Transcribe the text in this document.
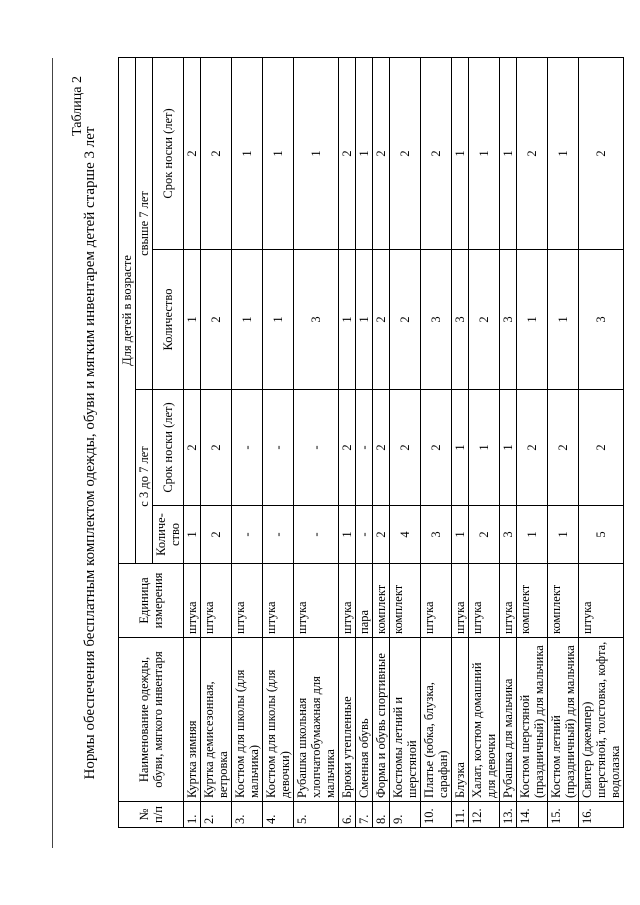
Таблица 2
Нормы обеспечения бесплатным комплектом одежды, обуви и мягким инвентарем детей старше 3 лет
№ п/п	Наименование одежды, обуви, мягкого инвентаря	Единица измерения	Для детей в возрасте			
			с 3 до 7 лет		свыше 7 лет	
			Количе-ство	Срок носки (лет)	Количество	Срок носки (лет)
1.	Куртка зимняя	штука	1	2	1	2
2.	Куртка демисезонная, ветровка	штука	2	2	2	2
3.	Костюм для школы (для мальчика)	штука	-	-	1	1
4.	Костюм для школы (для девочки)	штука	-	-	1	1
5.	Рубашка школьная хлопчатобумажная для мальчика	штука	-	-	3	1
6.	Брюки утепленные	штука	1	2	1	2
7.	Сменная обувь	пара	-	-	1	1
8.	Форма и обувь спортивные	комплект	2	2	2	2
9.	Костюмы летний и шерстяной	комплект	4	2	2	2
10.	Платье (юбка, блузка, сарафан)	штука	3	2	3	2
11.	Блузка	штука	1	1	3	1
12.	Халат, костюм домашний для девочки	штука	2	1	2	1
13.	Рубашка для мальчика	штука	3	1	3	1
14.	Костюм шерстяной (праздничный) для мальчика	комплект	1	2	1	2
15.	Костюм летний (праздничный) для мальчика	комплект	1	2	1	1
16.	Свитер (джемпер) шерстяной, толстовка, кофта, водолазка	штука	5	2	3	2
